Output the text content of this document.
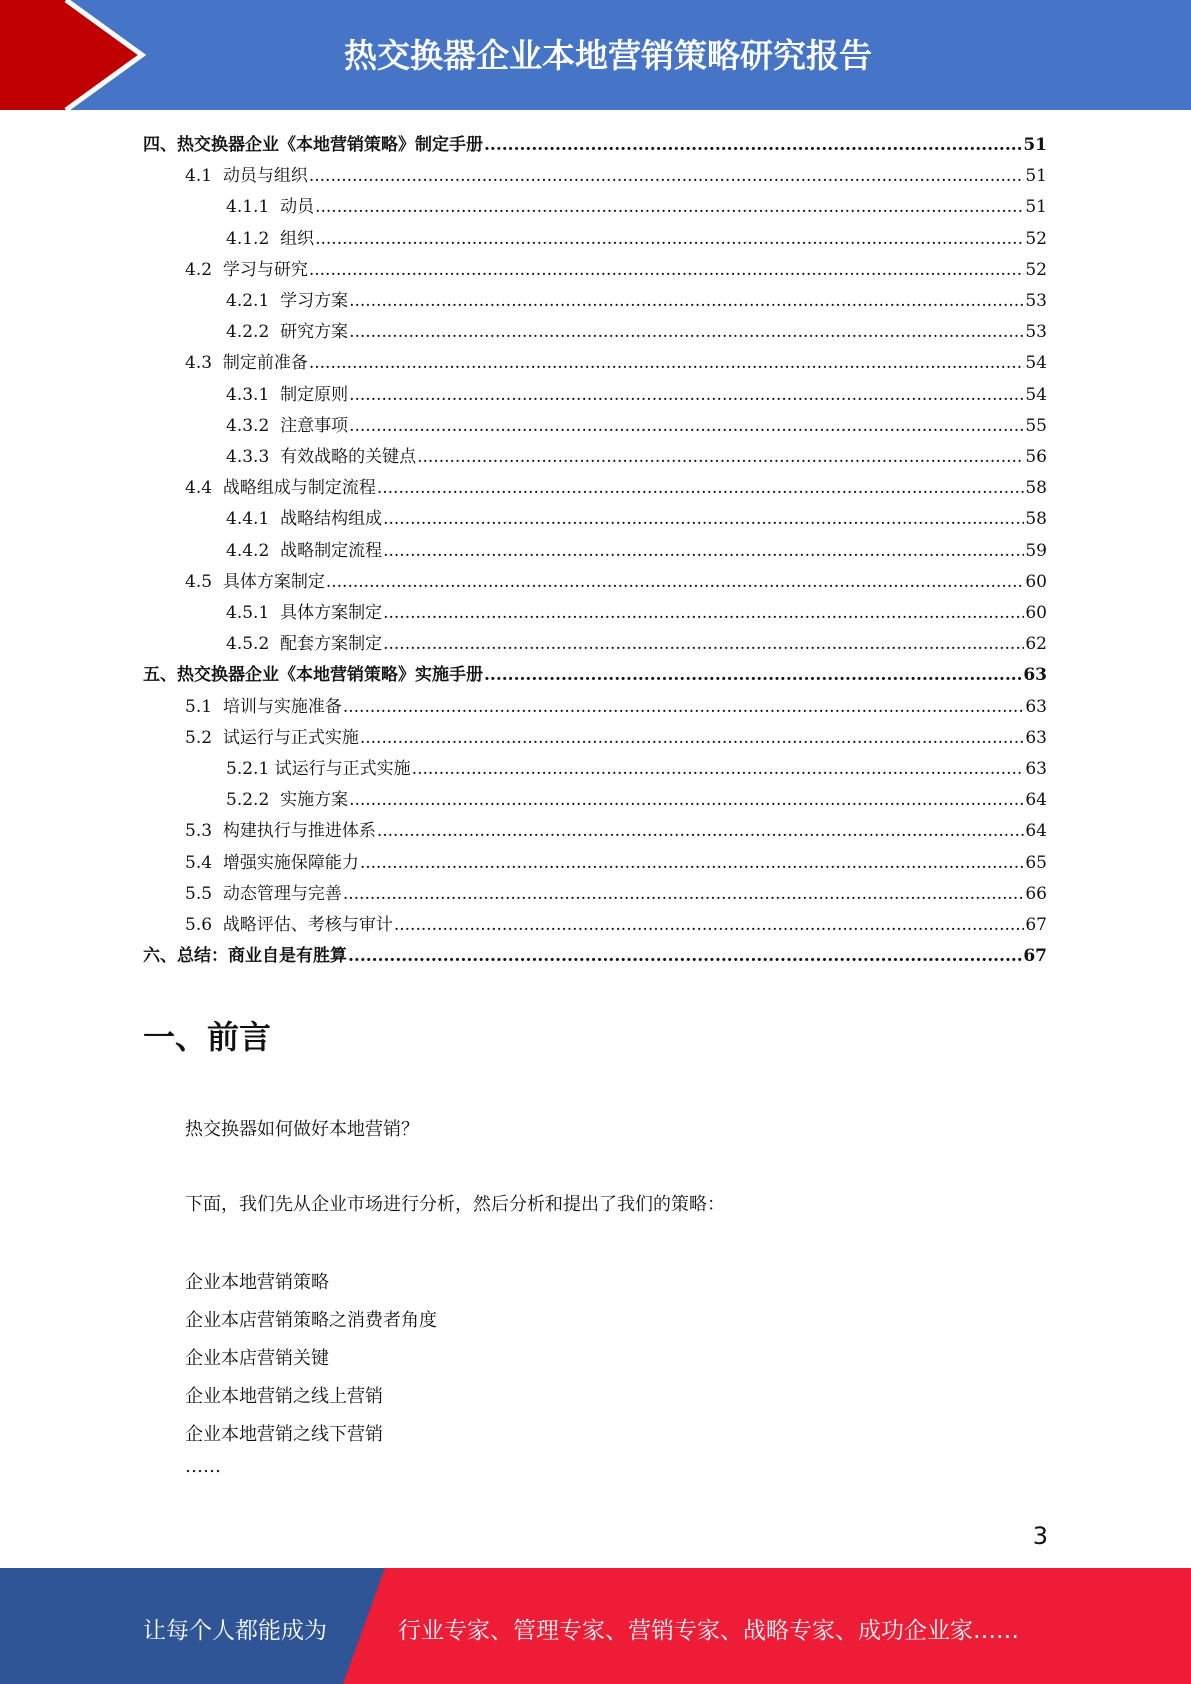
热交换器企业本地营销策略研究报告
四、热交换器企业《本地营销策略》制定手册 .....	51
4.1  动员与组织 .....	51
4.1.1  动员 .....	51
4.1.2  组织 .....	52
4.2  学习与研究 .....	52
4.2.1  学习方案 .....	53
4.2.2  研究方案 .....	53
4.3  制定前准备 .....	54
4.3.1  制定原则 .....	54
4.3.2  注意事项 .....	55
4.3.3  有效战略的关键点 .....	56
4.4  战略组成与制定流程 .....	58
4.4.1  战略结构组成 .....	58
4.4.2  战略制定流程 .....	59
4.5  具体方案制定 .....	60
4.5.1  具体方案制定 .....	60
4.5.2  配套方案制定 .....	62
五、热交换器企业《本地营销策略》实施手册 .....	63
5.1  培训与实施准备 .....	63
5.2  试运行与正式实施 .....	63
5.2.1 试运行与正式实施 .....	63
5.2.2  实施方案 .....	64
5.3  构建执行与推进体系 .....	64
5.4  增强实施保障能力 .....	65
5.5  动态管理与完善 .....	66
5.6  战略评估、考核与审计 .....	67
六、总结：商业自是有胜算 .....	67
一、前言
热交换器如何做好本地营销？
下面，我们先从企业市场进行分析，然后分析和提出了我们的策略：
企业本地营销策略
企业本店营销策略之消费者角度
企业本店营销关键
企业本地营销之线上营销
企业本地营销之线下营销
……
3
让每个人都能成为	行业专家、管理专家、营销专家、战略专家、成功企业家……
